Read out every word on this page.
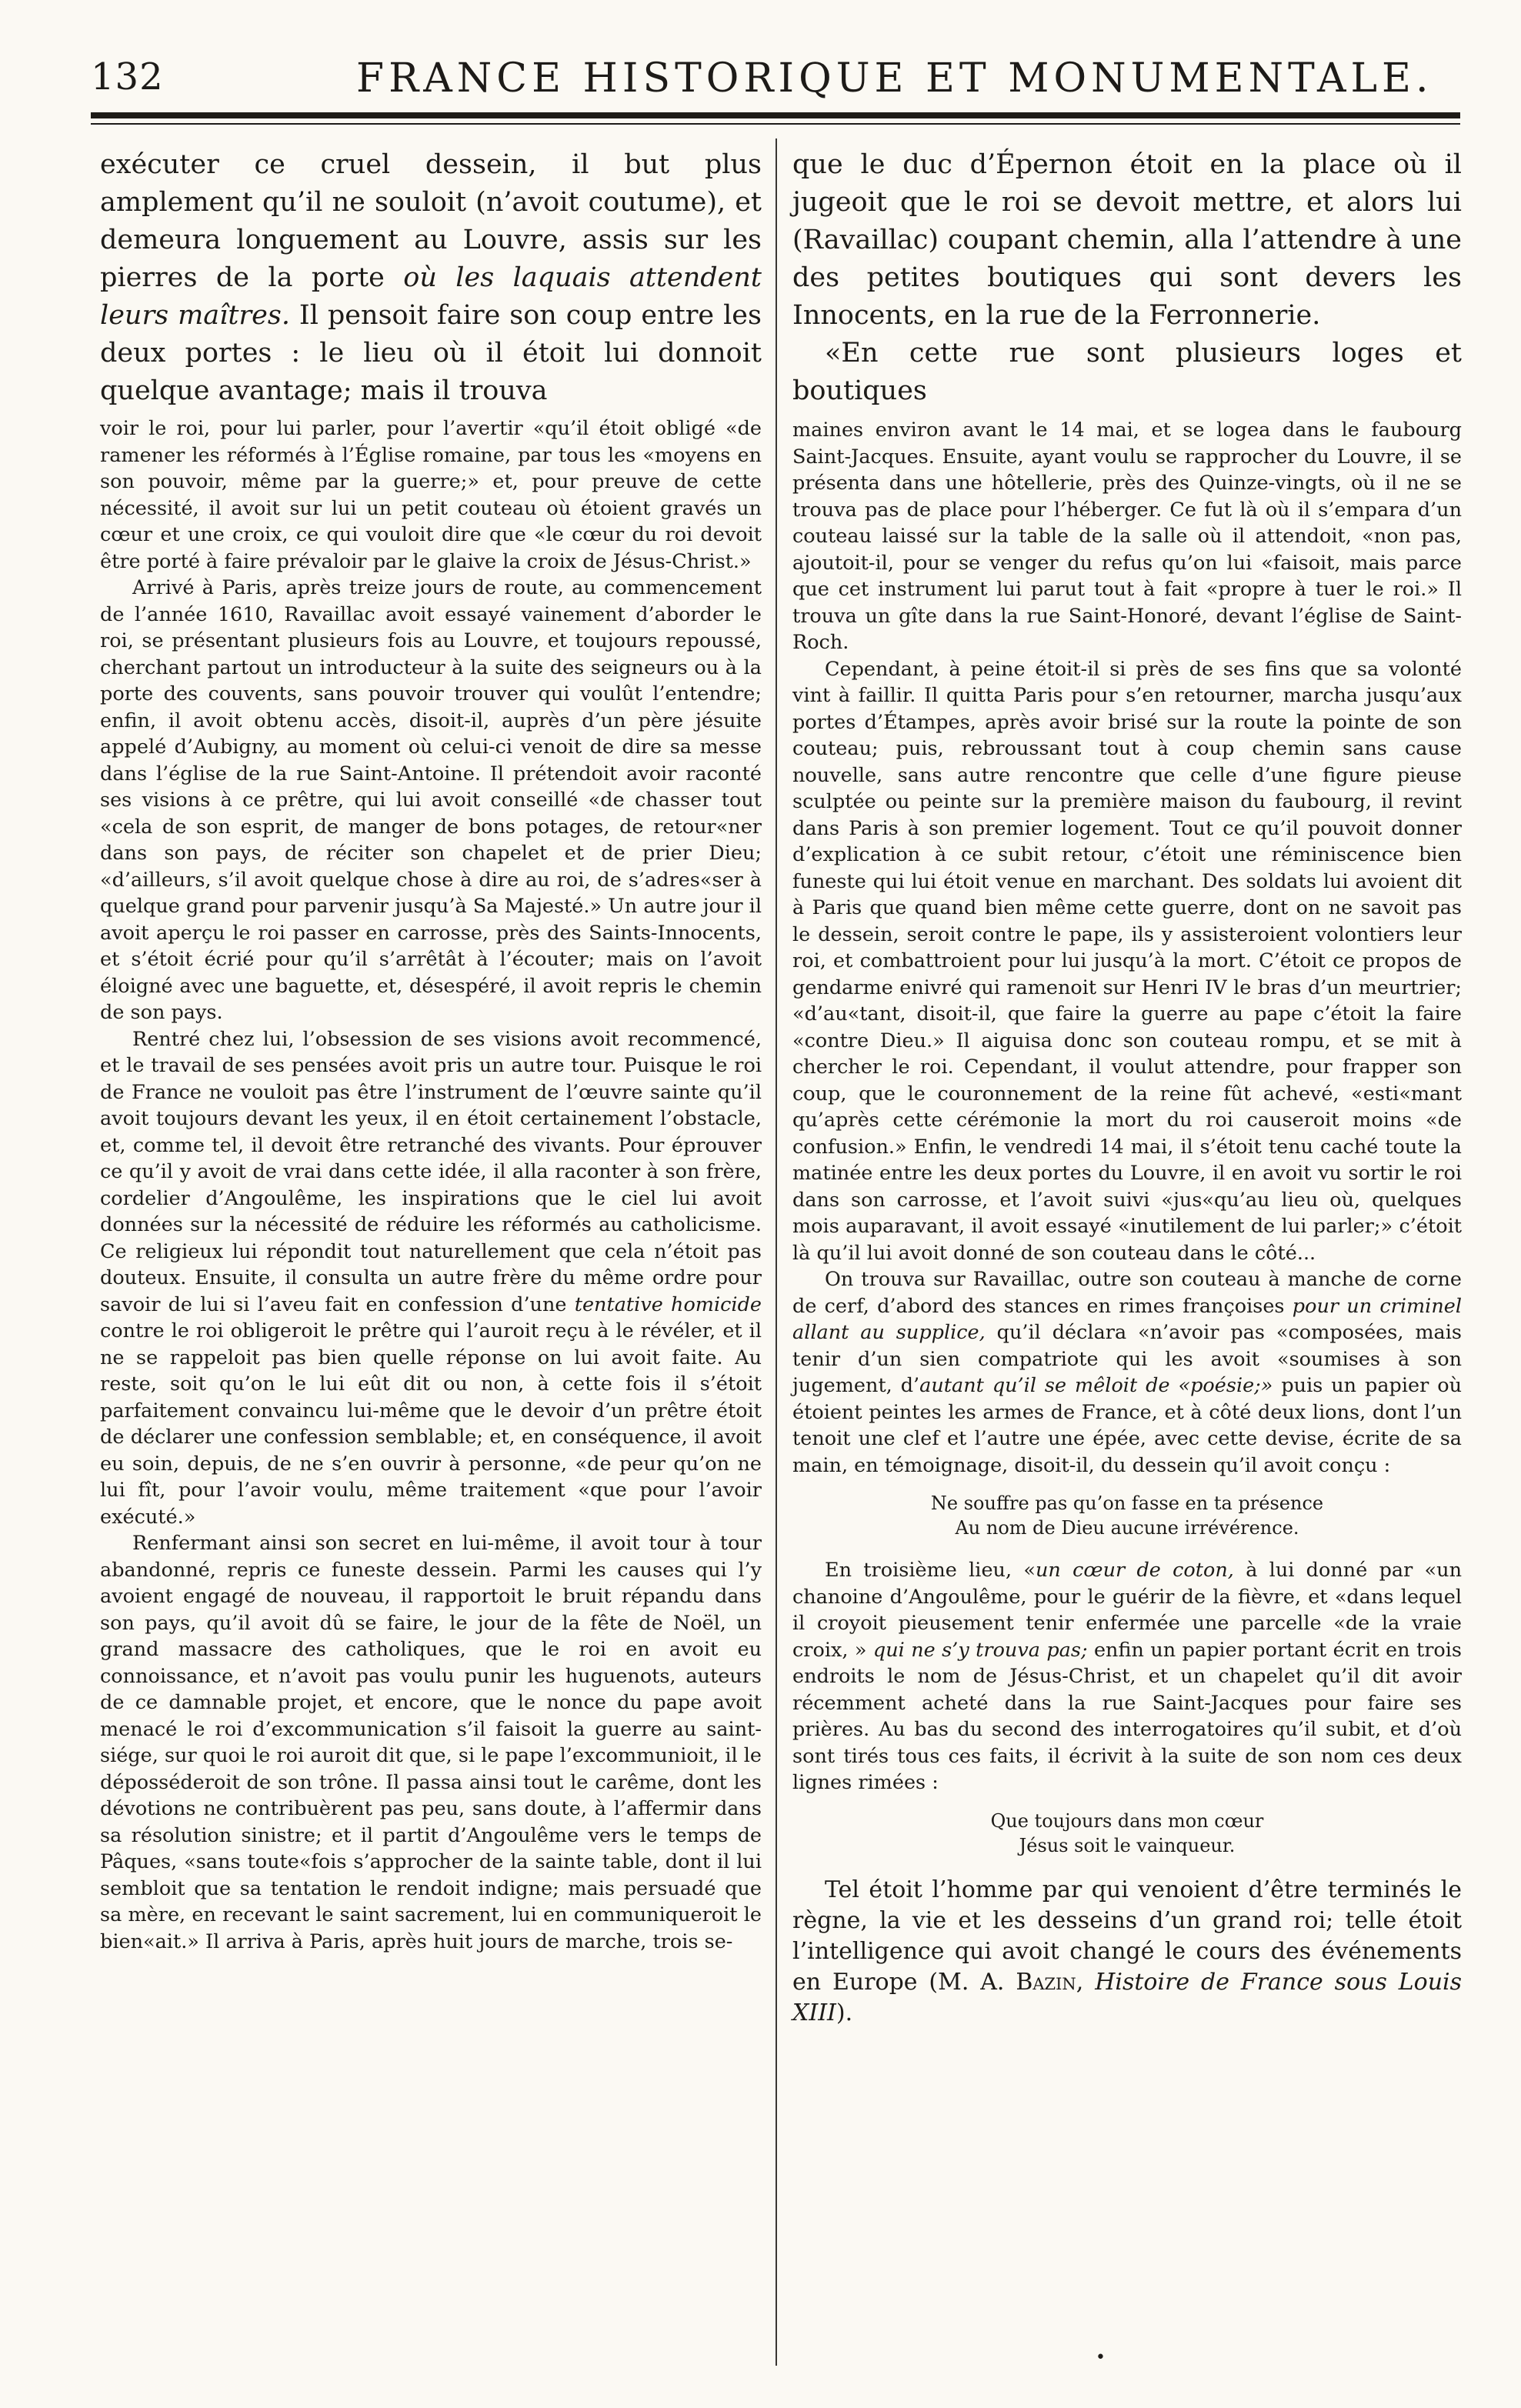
132	FRANCE HISTORIQUE ET MONUMENTALE.

exécuter ce cruel dessein, il but plus amplement qu’il ne souloit (n’avoit coutume), et demeura longuement au Louvre, assis sur les pierres de la porte où les laquais attendent leurs maîtres. Il pensoit faire son coup entre les deux portes : le lieu où il étoit lui donnoit quelque avantage; mais il trouva

que le duc d’Épernon étoit en la place où il jugeoit que le roi se devoit mettre, et alors lui (Ravaillac) coupant chemin, alla l’attendre à une des petites boutiques qui sont devers les Innocents, en la rue de la Ferronnerie.

«En cette rue sont plusieurs loges et boutiques

voir le roi, pour lui parler, pour l’avertir «qu’il étoit obligé «de ramener les réformés à l’Église romaine, par tous les «moyens en son pouvoir, même par la guerre;» et, pour preuve de cette nécessité, il avoit sur lui un petit couteau où étoient gravés un cœur et une croix, ce qui vouloit dire que «le cœur du roi devoit être porté à faire prévaloir par le glaive la croix de Jésus-Christ.»

Arrivé à Paris, après treize jours de route, au commencement de l’année 1610, Ravaillac avoit essayé vainement d’aborder le roi, se présentant plusieurs fois au Louvre, et toujours repoussé, cherchant partout un introducteur à la suite des seigneurs ou à la porte des couvents, sans pouvoir trouver qui voulût l’entendre; enfin, il avoit obtenu accès, disoit-il, auprès d’un père jésuite appelé d’Aubigny, au moment où celui-ci venoit de dire sa messe dans l’église de la rue Saint-Antoine. Il prétendoit avoir raconté ses visions à ce prêtre, qui lui avoit conseillé «de chasser tout «cela de son esprit, de manger de bons potages, de retour«ner dans son pays, de réciter son chapelet et de prier Dieu; «d’ailleurs, s’il avoit quelque chose à dire au roi, de s’adres«ser à quelque grand pour parvenir jusqu’à Sa Majesté.» Un autre jour il avoit aperçu le roi passer en carrosse, près des Saints-Innocents, et s’étoit écrié pour qu’il s’arrêtât à l’écouter; mais on l’avoit éloigné avec une baguette, et, désespéré, il avoit repris le chemin de son pays.

Rentré chez lui, l’obsession de ses visions avoit recommencé, et le travail de ses pensées avoit pris un autre tour. Puisque le roi de France ne vouloit pas être l’instrument de l’œuvre sainte qu’il avoit toujours devant les yeux, il en étoit certainement l’obstacle, et, comme tel, il devoit être retranché des vivants. Pour éprouver ce qu’il y avoit de vrai dans cette idée, il alla raconter à son frère, cordelier d’Angoulême, les inspirations que le ciel lui avoit données sur la nécessité de réduire les réformés au catholicisme. Ce religieux lui répondit tout naturellement que cela n’étoit pas douteux. Ensuite, il consulta un autre frère du même ordre pour savoir de lui si l’aveu fait en confession d’une tentative homicide contre le roi obligeroit le prêtre qui l’auroit reçu à le révéler, et il ne se rappeloit pas bien quelle réponse on lui avoit faite. Au reste, soit qu’on le lui eût dit ou non, à cette fois il s’étoit parfaitement convaincu lui-même que le devoir d’un prêtre étoit de déclarer une confession semblable; et, en conséquence, il avoit eu soin, depuis, de ne s’en ouvrir à personne, «de peur qu’on ne lui fît, pour l’avoir voulu, même traitement «que pour l’avoir exécuté.»

Renfermant ainsi son secret en lui-même, il avoit tour à tour abandonné, repris ce funeste dessein. Parmi les causes qui l’y avoient engagé de nouveau, il rapportoit le bruit répandu dans son pays, qu’il avoit dû se faire, le jour de la fête de Noël, un grand massacre des catholiques, que le roi en avoit eu connoissance, et n’avoit pas voulu punir les huguenots, auteurs de ce damnable projet, et encore, que le nonce du pape avoit menacé le roi d’excommunication s’il faisoit la guerre au saint-siége, sur quoi le roi auroit dit que, si le pape l’excommunioit, il le déposséderoit de son trône. Il passa ainsi tout le carême, dont les dévotions ne contribuèrent pas peu, sans doute, à l’affermir dans sa résolution sinistre; et il partit d’Angoulême vers le temps de Pâques, «sans toute«fois s’approcher de la sainte table, dont il lui sembloit que sa tentation le rendoit indigne; mais persuadé que sa mère, en recevant le saint sacrement, lui en communiqueroit le bien«ait.» Il arriva à Paris, après huit jours de marche, trois se-

maines environ avant le 14 mai, et se logea dans le faubourg Saint-Jacques. Ensuite, ayant voulu se rapprocher du Louvre, il se présenta dans une hôtellerie, près des Quinze-vingts, où il ne se trouva pas de place pour l’héberger. Ce fut là où il s’empara d’un couteau laissé sur la table de la salle où il attendoit, «non pas, ajoutoit-il, pour se venger du refus qu’on lui «faisoit, mais parce que cet instrument lui parut tout à fait «propre à tuer le roi.» Il trouva un gîte dans la rue Saint-Honoré, devant l’église de Saint-Roch.

Cependant, à peine étoit-il si près de ses fins que sa volonté vint à faillir. Il quitta Paris pour s’en retourner, marcha jusqu’aux portes d’Étampes, après avoir brisé sur la route la pointe de son couteau; puis, rebroussant tout à coup chemin sans cause nouvelle, sans autre rencontre que celle d’une figure pieuse sculptée ou peinte sur la première maison du faubourg, il revint dans Paris à son premier logement. Tout ce qu’il pouvoit donner d’explication à ce subit retour, c’étoit une réminiscence bien funeste qui lui étoit venue en marchant. Des soldats lui avoient dit à Paris que quand bien même cette guerre, dont on ne savoit pas le dessein, seroit contre le pape, ils y assisteroient volontiers leur roi, et combattroient pour lui jusqu’à la mort. C’étoit ce propos de gendarme enivré qui ramenoit sur Henri IV le bras d’un meurtrier; «d’au«tant, disoit-il, que faire la guerre au pape c’étoit la faire «contre Dieu.» Il aiguisa donc son couteau rompu, et se mit à chercher le roi. Cependant, il voulut attendre, pour frapper son coup, que le couronnement de la reine fût achevé, «esti«mant qu’après cette cérémonie la mort du roi causeroit moins «de confusion.» Enfin, le vendredi 14 mai, il s’étoit tenu caché toute la matinée entre les deux portes du Louvre, il en avoit vu sortir le roi dans son carrosse, et l’avoit suivi «jus«qu’au lieu où, quelques mois auparavant, il avoit essayé «inutilement de lui parler;» c’étoit là qu’il lui avoit donné de son couteau dans le côté...

On trouva sur Ravaillac, outre son couteau à manche de corne de cerf, d’abord des stances en rimes françoises pour un criminel allant au supplice, qu’il déclara «n’avoir pas «composées, mais tenir d’un sien compatriote qui les avoit «soumises à son jugement, d’autant qu’il se mêloit de «poésie;» puis un papier où étoient peintes les armes de France, et à côté deux lions, dont l’un tenoit une clef et l’autre une épée, avec cette devise, écrite de sa main, en témoignage, disoit-il, du dessein qu’il avoit conçu :

Ne souffre pas qu’on fasse en ta présence
Au nom de Dieu aucune irrévérence.

En troisième lieu, «un cœur de coton, à lui donné par «un chanoine d’Angoulême, pour le guérir de la fièvre, et «dans lequel il croyoit pieusement tenir enfermée une parcelle «de la vraie croix, » qui ne s’y trouva pas; enfin un papier portant écrit en trois endroits le nom de Jésus-Christ, et un chapelet qu’il dit avoir récemment acheté dans la rue Saint-Jacques pour faire ses prières. Au bas du second des interrogatoires qu’il subit, et d’où sont tirés tous ces faits, il écrivit à la suite de son nom ces deux lignes rimées :

Que toujours dans mon cœur
Jésus soit le vainqueur.

Tel étoit l’homme par qui venoient d’être terminés le règne, la vie et les desseins d’un grand roi; telle étoit l’intelligence qui avoit changé le cours des événements en Europe (M. A. Bazin, Histoire de France sous Louis XIII).

•
